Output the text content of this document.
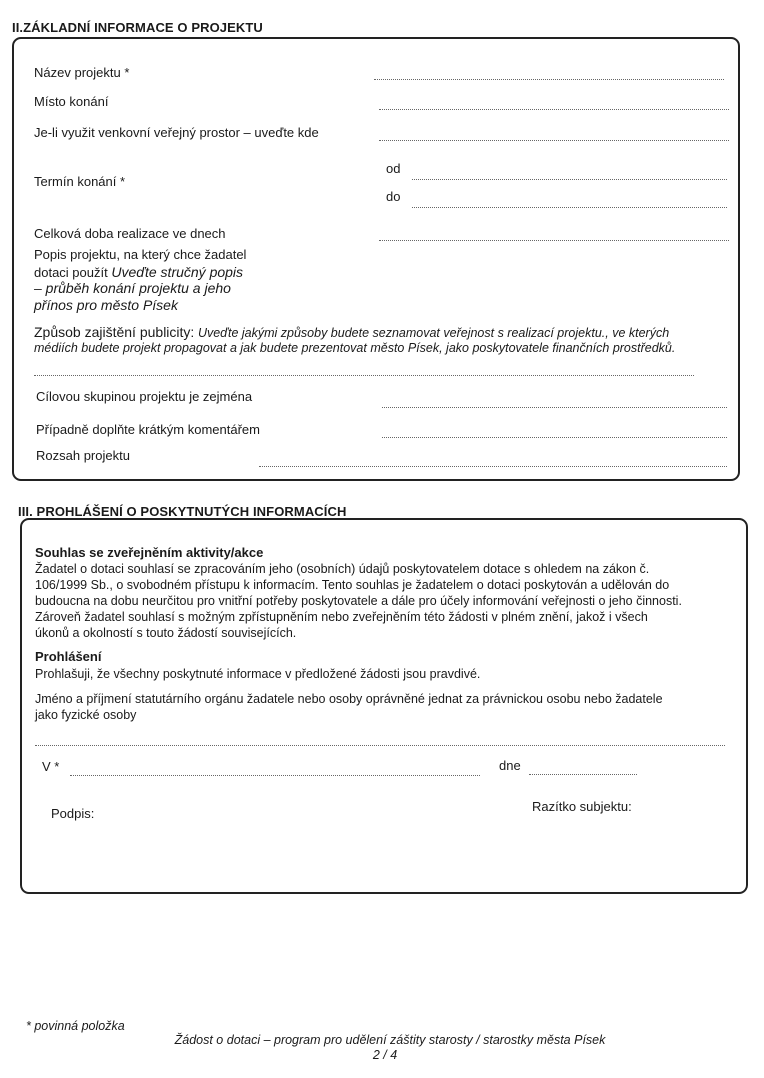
II.ZÁKLADNÍ INFORMACE O PROJEKTU
Název projektu *
Místo konání
Je-li využit venkovní veřejný prostor – uveďte kde
Termín konání *
od
do
Celková doba realizace ve dnech
Popis projektu, na který chce žadatel
dotaci použít Uveďte stručný popis
– průběh konání projektu a jeho
přínos pro město Písek
Způsob zajištění publicity: Uveďte jakými způsoby budete seznamovat veřejnost s realizací projektu., ve kterých
médiích budete projekt propagovat a jak budete prezentovat město Písek, jako poskytovatele finančních prostředků.
Cílovou skupinou projektu je zejména
Případně doplňte krátkým komentářem
Rozsah projektu
III. PROHLÁŠENÍ O POSKYTNUTÝCH INFORMACÍCH
Souhlas se zveřejněním aktivity/akce
Žadatel o dotaci souhlasí se zpracováním jeho (osobních) údajů poskytovatelem dotace s ohledem na zákon č.
106/1999 Sb., o svobodném přístupu k informacím. Tento souhlas je žadatelem o dotaci poskytován a udělován do
budoucna na dobu neurčitou pro vnitřní potřeby poskytovatele a dále pro účely informování veřejnosti o jeho činnosti.
Zároveň žadatel souhlasí s možným zpřístupněním nebo zveřejněním této žádosti v plném znění, jakož i všech
úkonů a okolností s touto žádostí souvisejících.
Prohlášení
Prohlašuji, že všechny poskytnuté informace v předložené žádosti jsou pravdivé.
Jméno a příjmení statutárního orgánu žadatele nebo osoby oprávněné jednat za právnickou osobu nebo žadatele
jako fyzické osoby
V *	dne
Razítko subjektu:
Podpis:
* povinná položka
Žádost o dotaci – program pro udělení záštity starosty / starostky města Písek
2 / 4
